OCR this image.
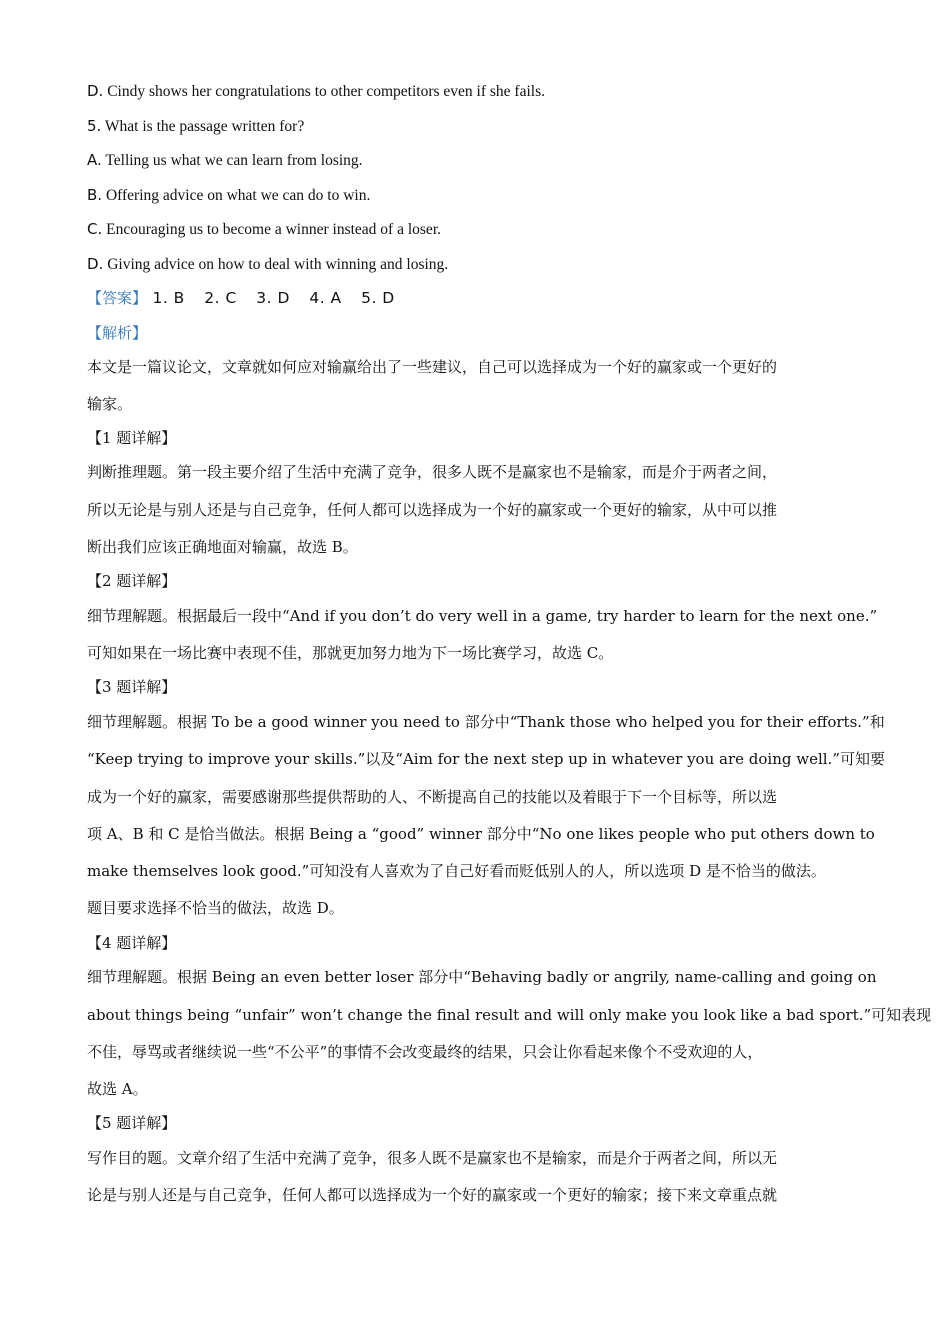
D. Cindy shows her congratulations to other competitors even if she fails.
5. What is the passage written for?
A. Telling us what we can learn from losing.
B. Offering advice on what we can do to win.
C. Encouraging us to become a winner instead of a loser.
D. Giving advice on how to deal with winning and losing.
【答案】 1. B 2. C 3. D 4. A 5. D
【解析】
本文是一篇议论文，文章就如何应对输赢给出了一些建议，自己可以选择成为一个好的赢家或一个更好的
输家。
【1 题详解】
判断推理题。第一段主要介绍了生活中充满了竞争，很多人既不是赢家也不是输家，而是介于两者之间，
所以无论是与别人还是与自己竞争，任何人都可以选择成为一个好的赢家或一个更好的输家，从中可以推
断出我们应该正确地面对输赢，故选 B。
【2 题详解】
细节理解题。根据最后一段中“And if you don’t do very well in a game, try harder to learn for the next one.”
可知如果在一场比赛中表现不佳，那就更加努力地为下一场比赛学习，故选 C。
【3 题详解】
细节理解题。根据 To be a good winner you need to 部分中“Thank those who helped you for their efforts.”和
“Keep trying to improve your skills.”以及“Aim for the next step up in whatever you are doing well.”可知要
成为一个好的赢家，需要感谢那些提供帮助的人、不断提高自己的技能以及着眼于下一个目标等，所以选
项 A、B 和 C 是恰当做法。根据 Being a “good” winner 部分中“No one likes people who put others down to
make themselves look good.”可知没有人喜欢为了自己好看而贬低别人的人，所以选项 D 是不恰当的做法。
题目要求选择不恰当的做法，故选 D。
【4 题详解】
细节理解题。根据 Being an even better loser 部分中“Behaving badly or angrily, name-calling and going on
about things being “unfair” won’t change the final result and will only make you look like a bad sport.”可知表现
不佳，辱骂或者继续说一些“不公平”的事情不会改变最终的结果，只会让你看起来像个不受欢迎的人，
故选 A。
【5 题详解】
写作目的题。文章介绍了生活中充满了竞争，很多人既不是赢家也不是输家，而是介于两者之间，所以无
论是与别人还是与自己竞争，任何人都可以选择成为一个好的赢家或一个更好的输家；接下来文章重点就
